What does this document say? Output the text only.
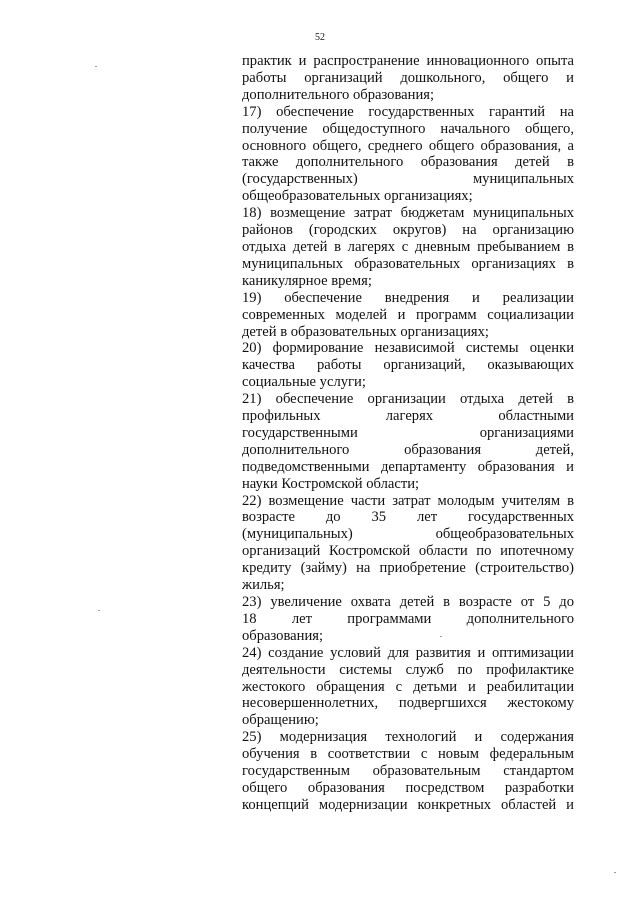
52

практик и распространение инновационного опыта
работы организаций дошкольного, общего и
дополнительного образования;

17) обеспечение государственных гарантий на
получение общедоступного начального общего,
основного общего, среднего общего образования, а
также дополнительного образования детей в
(государственных) муниципальных
общеобразовательных организациях;

18) возмещение затрат бюджетам муниципальных
районов (городских округов) на организацию
отдыха детей в лагерях с дневным пребыванием в
муниципальных образовательных организациях в
каникулярное время;

19) обеспечение внедрения и реализации
современных моделей и программ социализации
детей в образовательных организациях;

20) формирование независимой системы оценки
качества работы организаций, оказывающих
социальные услуги;

21) обеспечение организации отдыха детей в
профильных лагерях областными
государственными организациями
дополнительного образования детей,
подведомственными департаменту образования и
науки Костромской области;

22) возмещение части затрат молодым учителям в
возрасте до 35 лет государственных
(муниципальных) общеобразовательных
организаций Костромской области по ипотечному
кредиту (займу) на приобретение (строительство)
жилья;

23) увеличение охвата детей в возрасте от 5 до
18 лет программами дополнительного
образования;

24) создание условий для развития и оптимизации
деятельности системы служб по профилактике
жестокого обращения с детьми и реабилитации
несовершеннолетних, подвергшихся жестокому
обращению;

25) модернизация технологий и содержания
обучения в соответствии с новым федеральным
государственным образовательным стандартом
общего образования посредством разработки
концепций модернизации конкретных областей и
